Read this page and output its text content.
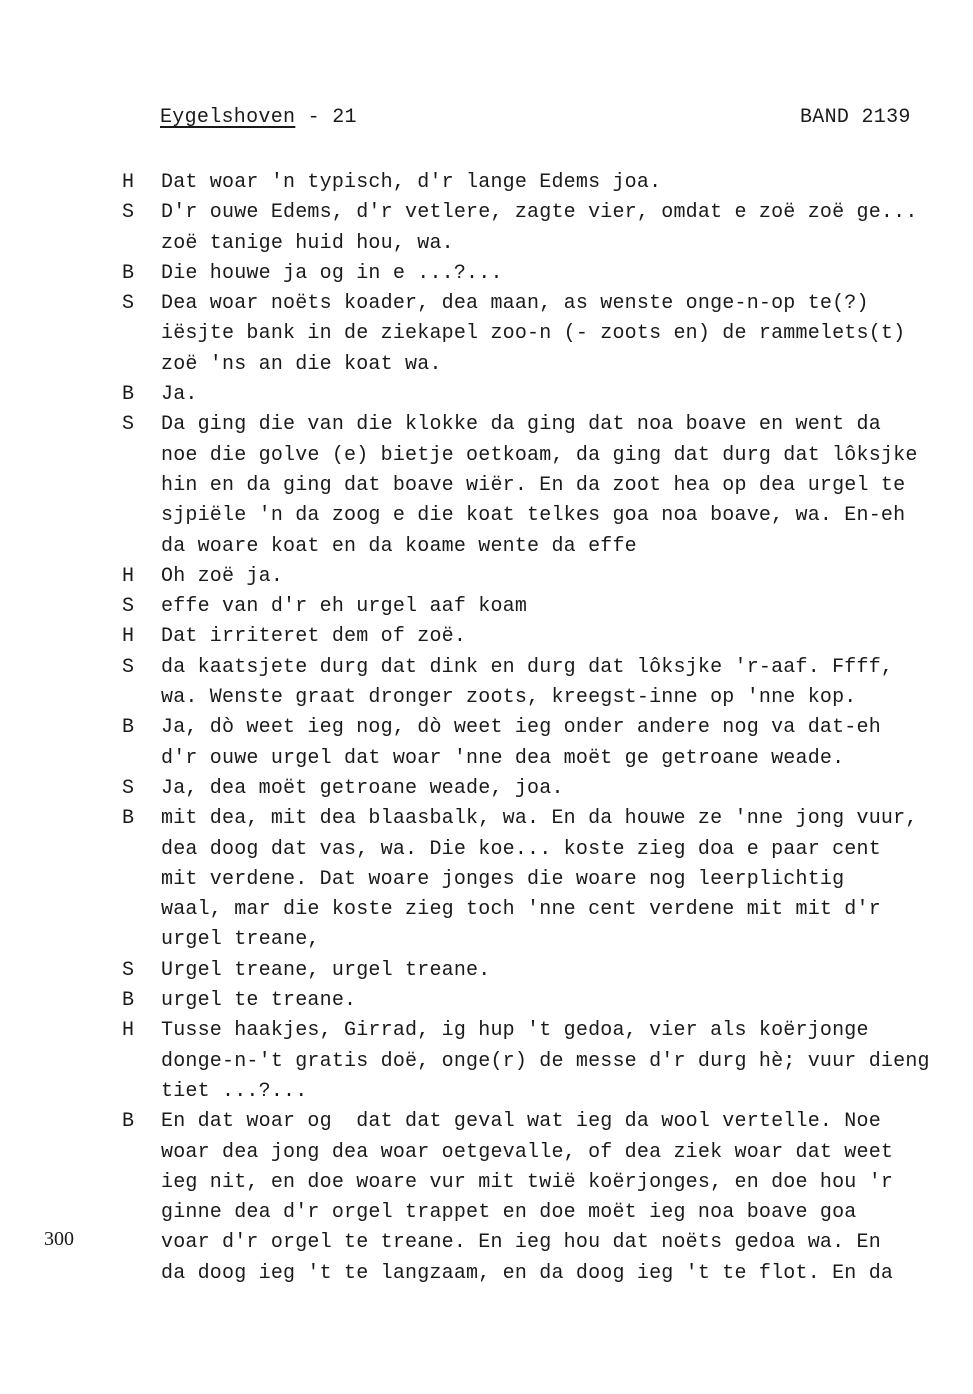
Eygelshoven - 21	BAND 2139
H	Dat woar 'n typisch, d'r lange Edems joa.
S	D'r ouwe Edems, d'r vetlere, zagte vier, omdat e zoë zoë ge...
zoë tanige huid hou, wa.
B	Die houwe ja og in e ...?...
S	Dea woar noëts koader, dea maan, as wenste onge-n-op te(?)
iësjte bank in de ziekapel zoo-n (- zoots en) de rammelets(t)
zoë 'ns an die koat wa.
B	Ja.
S	Da ging die van die klokke da ging dat noa boave en went da
noe die golve (e) bietje oetkoam, da ging dat durg dat lôksjke
hin en da ging dat boave wiër. En da zoot hea op dea urgel te
sjpiële 'n da zoog e die koat telkes goa noa boave, wa. En-eh
da woare koat en da koame wente da effe
H	Oh zoë ja.
S	effe van d'r eh urgel aaf koam
H	Dat irriteret dem of zoë.
S	da kaatsjete durg dat dink en durg dat lôksjke 'r-aaf. Ffff,
wa. Wenste graat dronger zoots, kreegst-inne op 'nne kop.
B	Ja, dò weet ieg nog, dò weet ieg onder andere nog va dat-eh
d'r ouwe urgel dat woar 'nne dea moët ge getroane weade.
S	Ja, dea moët getroane weade, joa.
B	mit dea, mit dea blaasbalk, wa. En da houwe ze 'nne jong vuur,
dea doog dat vas, wa. Die koe... koste zieg doa e paar cent
mit verdene. Dat woare jonges die woare nog leerplichtig
waal, mar die koste zieg toch 'nne cent verdene mit mit d'r
urgel treane,
S	Urgel treane, urgel treane.
B	urgel te treane.
H	Tusse haakjes, Girrad, ig hup 't gedoa, vier als koërjonge
donge-n-'t gratis doë, onge(r) de messe d'r durg hè; vuur dieng
tiet ...?...
B	En dat woar og  dat dat geval wat ieg da wool vertelle. Noe
woar dea jong dea woar oetgevalle, of dea ziek woar dat weet
ieg nit, en doe woare vur mit twië koërjonges, en doe hou 'r
ginne dea d'r orgel trappet en doe moët ieg noa boave goa
voar d'r orgel te treane. En ieg hou dat noëts gedoa wa. En
da doog ieg 't te langzaam, en da doog ieg 't te flot. En da
300
